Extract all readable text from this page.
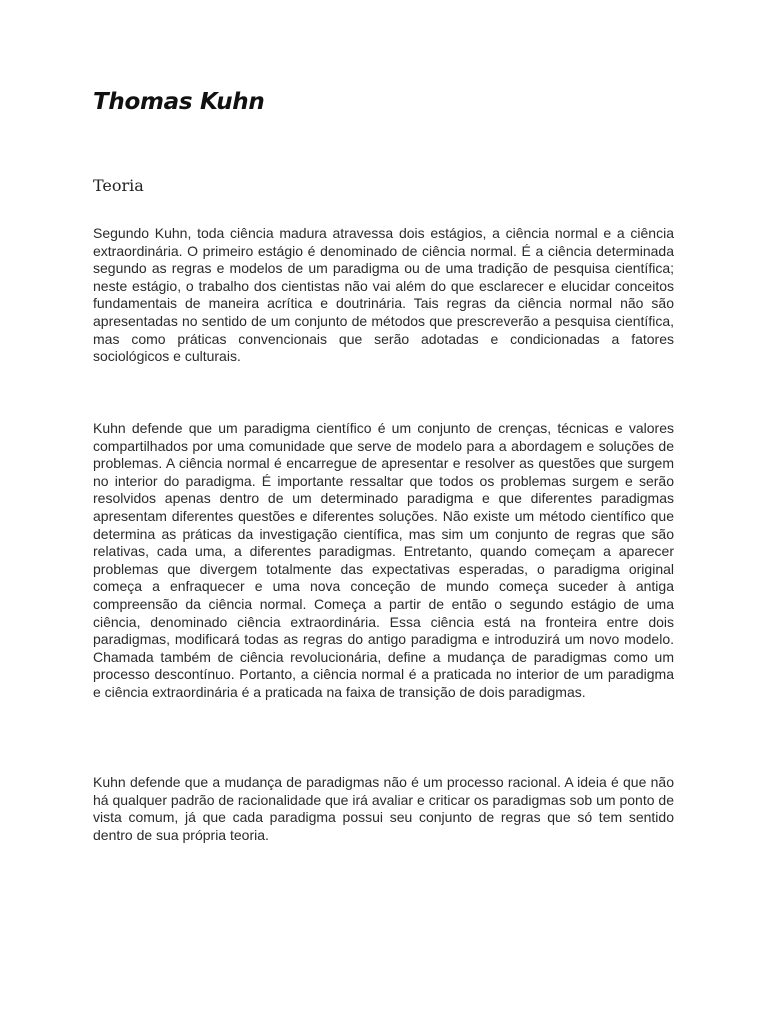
Thomas Kuhn
Teoria

Segundo Kuhn, toda ciência madura atravessa dois estágios, a ciência normal e a ciência extraordinária. O primeiro estágio é denominado de ciência normal. É a ciência determinada segundo as regras e modelos de um paradigma ou de uma tradição de pesquisa científica; neste estágio, o trabalho dos cientistas não vai além do que esclarecer e elucidar conceitos fundamentais de maneira acrítica e doutrinária. Tais regras da ciência normal não são apresentadas no sentido de um conjunto de métodos que prescreverão a pesquisa científica, mas como práticas convencionais que serão adotadas e condicionadas a fatores sociológicos e culturais.

Kuhn defende que um paradigma científico é um conjunto de crenças, técnicas e valores compartilhados por uma comunidade que serve de modelo para a abordagem e soluções de problemas. A ciência normal é encarregue de apresentar e resolver as questões que surgem no interior do paradigma. É importante ressaltar que todos os problemas surgem e serão resolvidos apenas dentro de um determinado paradigma e que diferentes paradigmas apresentam diferentes questões e diferentes soluções. Não existe um método científico que determina as práticas da investigação científica, mas sim um conjunto de regras que são relativas, cada uma, a diferentes paradigmas. Entretanto, quando começam a aparecer problemas que divergem totalmente das expectativas esperadas, o paradigma original começa a enfraquecer e uma nova conceção de mundo começa suceder à antiga compreensão da ciência normal. Começa a partir de então o segundo estágio de uma ciência, denominado ciência extraordinária. Essa ciência está na fronteira entre dois paradigmas, modificará todas as regras do antigo paradigma e introduzirá um novo modelo. Chamada também de ciência revolucionária, define a mudança de paradigmas como um processo descontínuo. Portanto, a ciência normal é a praticada no interior de um paradigma e ciência extraordinária é a praticada na faixa de transição de dois paradigmas.

Kuhn defende que a mudança de paradigmas não é um processo racional. A ideia é que não há qualquer padrão de racionalidade que irá avaliar e criticar os paradigmas sob um ponto de vista comum, já que cada paradigma possui seu conjunto de regras que só tem sentido dentro de sua própria teoria.
